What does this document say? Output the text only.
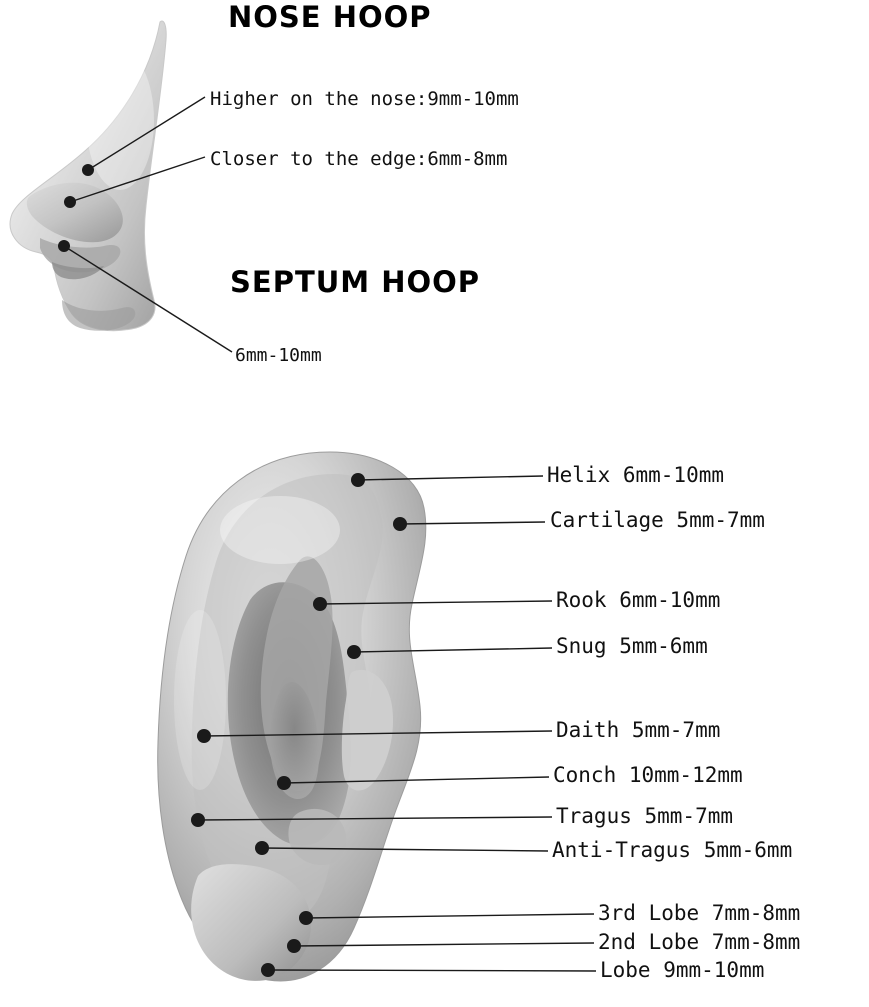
NOSE HOOP
Higher on the nose:9mm-10mm
Closer to the edge:6mm-8mm
SEPTUM HOOP
6mm-10mm
Helix 6mm-10mm
Cartilage 5mm-7mm
Rook 6mm-10mm
Snug 5mm-6mm
Daith 5mm-7mm
Conch 10mm-12mm
Tragus 5mm-7mm
Anti-Tragus 5mm-6mm
3rd Lobe 7mm-8mm
2nd Lobe 7mm-8mm
Lobe 9mm-10mm
